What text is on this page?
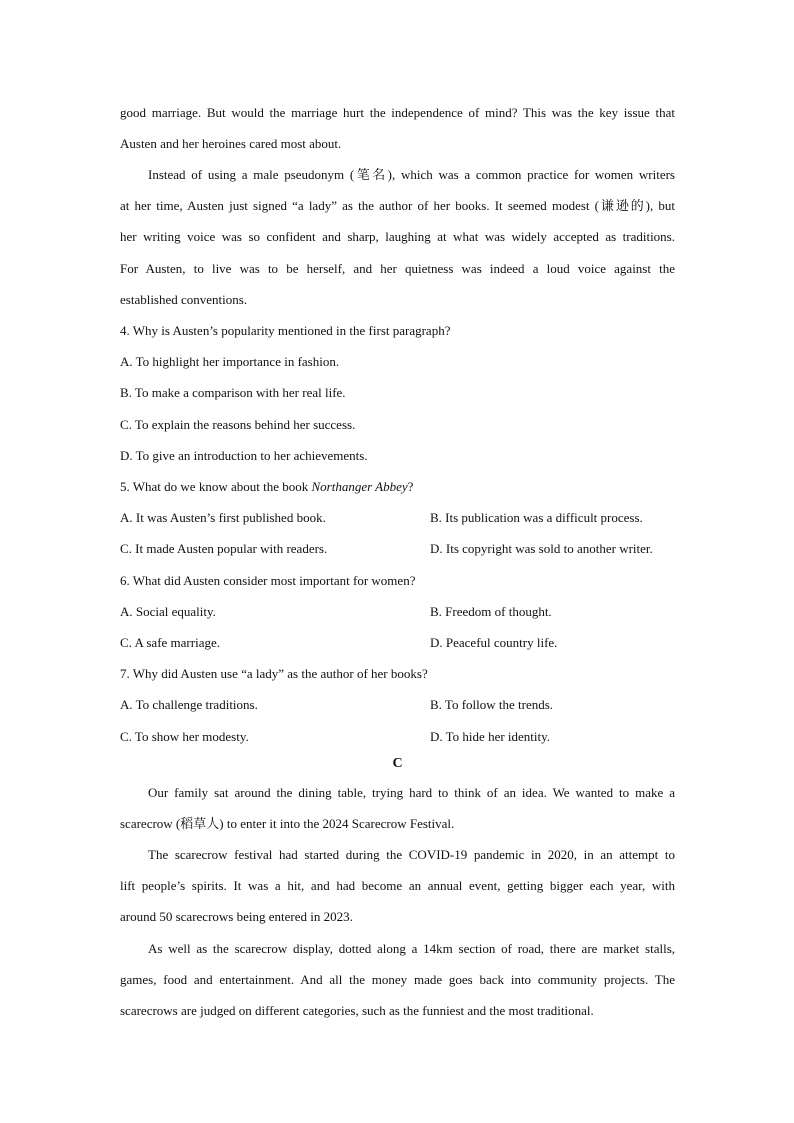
good marriage. But would the marriage hurt the independence of mind? This was the key issue that
Austen and her heroines cared most about.
Instead of using a male pseudonym (笔名), which was a common practice for women writers
at her time, Austen just signed “a lady” as the author of her books. It seemed modest (谦逊的), but
her writing voice was so confident and sharp, laughing at what was widely accepted as traditions.
For Austen, to live was to be herself, and her quietness was indeed a loud voice against the
established conventions.
4. Why is Austen’s popularity mentioned in the first paragraph?
A. To highlight her importance in fashion.
B. To make a comparison with her real life.
C. To explain the reasons behind her success.
D. To give an introduction to her achievements.
5. What do we know about the book Northanger Abbey?
A. It was Austen’s first published book.	B. Its publication was a difficult process.
C. It made Austen popular with readers.	D. Its copyright was sold to another writer.
6. What did Austen consider most important for women?
A. Social equality.	B. Freedom of thought.
C. A safe marriage.	D. Peaceful country life.
7. Why did Austen use “a lady” as the author of her books?
A. To challenge traditions.	B. To follow the trends.
C. To show her modesty.	D. To hide her identity.
C
Our family sat around the dining table, trying hard to think of an idea. We wanted to make a
scarecrow (稻草人) to enter it into the 2024 Scarecrow Festival.
The scarecrow festival had started during the COVID-19 pandemic in 2020, in an attempt to
lift people’s spirits. It was a hit, and had become an annual event, getting bigger each year, with
around 50 scarecrows being entered in 2023.
As well as the scarecrow display, dotted along a 14km section of road, there are market stalls,
games, food and entertainment. And all the money made goes back into community projects. The
scarecrows are judged on different categories, such as the funniest and the most traditional.
